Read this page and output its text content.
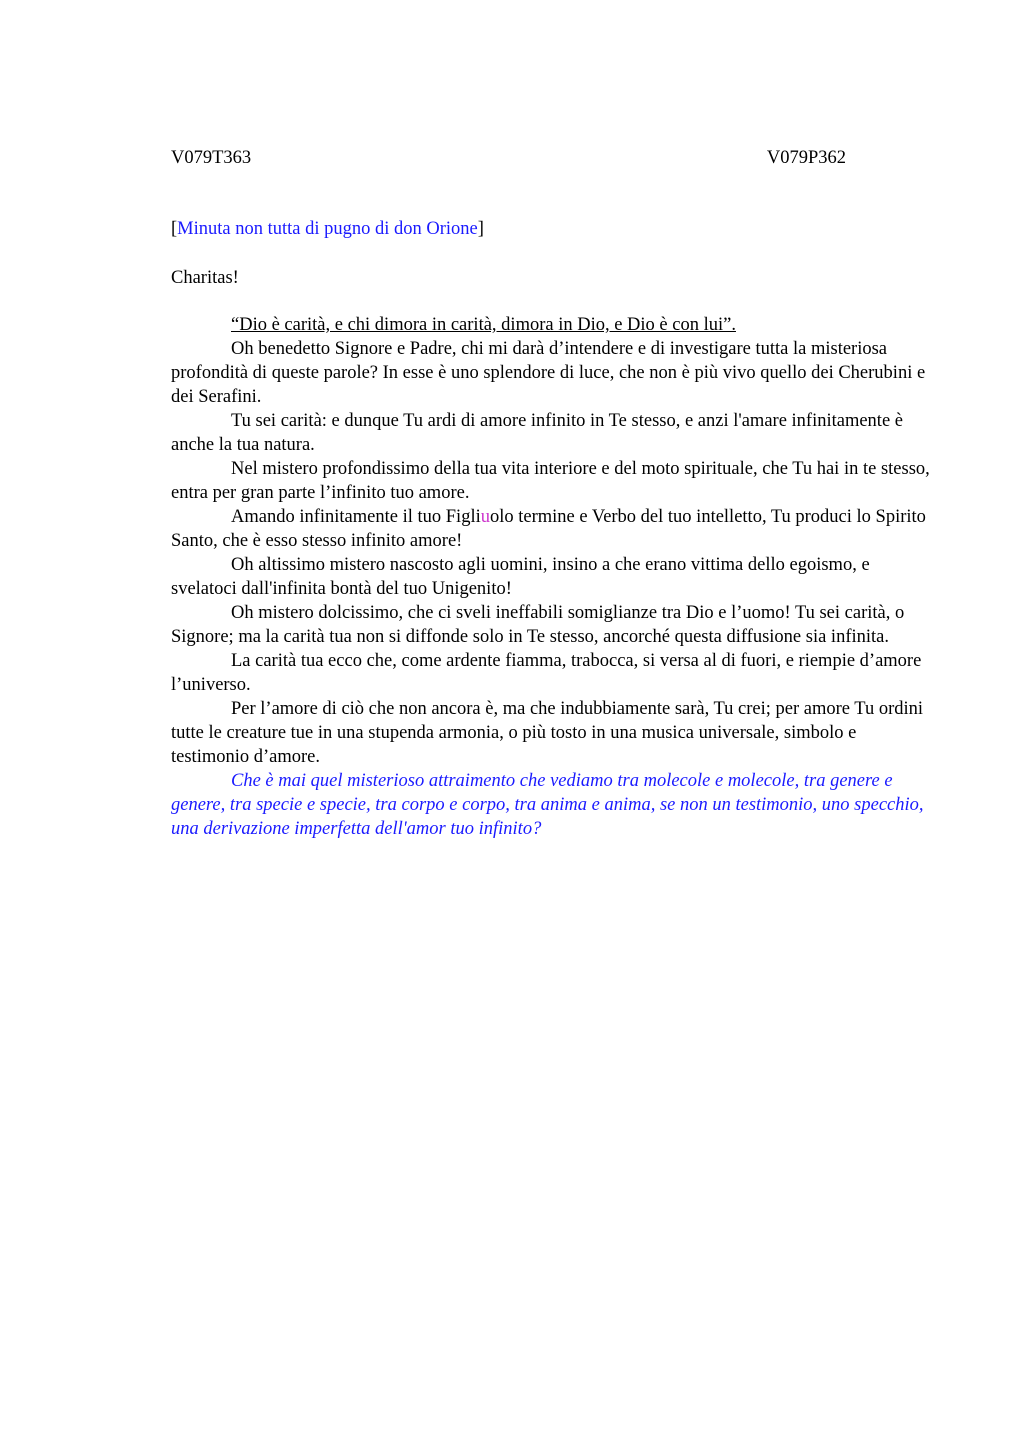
V079T363	V079P362
[Minuta non tutta di pugno di don Orione]
Charitas!

“Dio è carità, e chi dimora in carità, dimora in Dio, e Dio è con lui”.

Oh benedetto Signore e Padre, chi mi darà d’intendere e di investigare tutta la misteriosa profondità di queste parole? In esse è uno splendore di luce, che non è più vivo quello dei Cherubini e dei Serafini.

Tu sei carità: e dunque Tu ardi di amore infinito in Te stesso, e anzi l'amare infinitamente è anche la tua natura.

Nel mistero profondissimo della tua vita interiore e del moto spirituale, che Tu hai in te stesso, entra per gran parte l’infinito tuo amore.

Amando infinitamente il tuo Figliuolo termine e Verbo del tuo intelletto, Tu produci lo Spirito Santo, che è esso stesso infinito amore!

Oh altissimo mistero nascosto agli uomini, insino a che erano vittima dello egoismo, e svelatoci dall'infinita bontà del tuo Unigenito!

Oh mistero dolcissimo, che ci sveli ineffabili somiglianze tra Dio e l’uomo! Tu sei carità, o Signore; ma la carità tua non si diffonde solo in Te stesso, ancorché questa diffusione sia infinita.

La carità tua ecco che, come ardente fiamma, trabocca, si versa al di fuori, e riempie d’amore l’universo.

Per l’amore di ciò che non ancora è, ma che indubbiamente sarà, Tu crei; per amore Tu ordini tutte le creature tue in una stupenda armonia, o più tosto in una musica universale, simbolo e testimonio d’amore.

Che è mai quel misterioso attraimento che vediamo tra molecole e molecole, tra genere e genere, tra specie e specie, tra corpo e corpo, tra anima e anima, se non un testimonio, uno specchio, una derivazione imperfetta dell'amor tuo infinito?
